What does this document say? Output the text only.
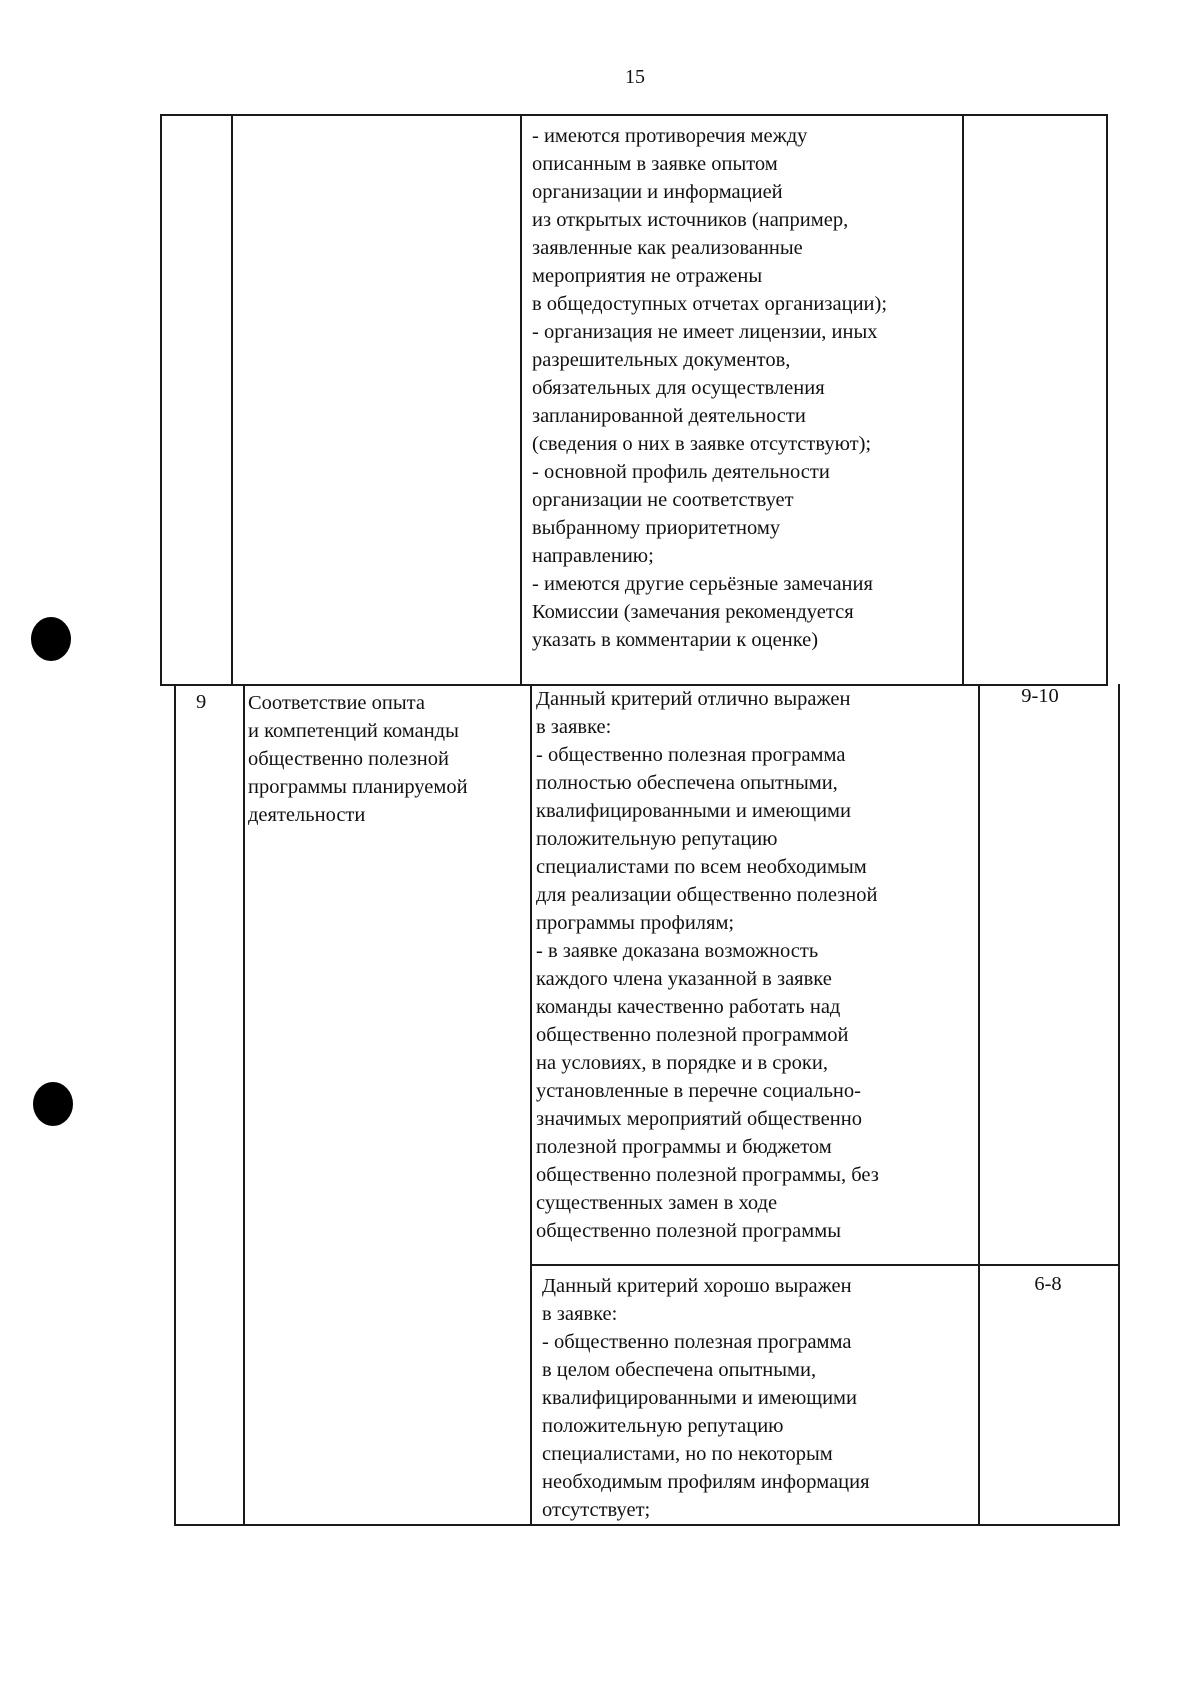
15
- имеются противоречия между
описанным в заявке опытом
организации и информацией
из открытых источников (например,
заявленные как реализованные
мероприятия не отражены
в общедоступных отчетах организации);
- организация не имеет лицензии, иных
разрешительных документов,
обязательных для осуществления
запланированной деятельности
(сведения о них в заявке отсутствуют);
- основной профиль деятельности
организации не соответствует
выбранному приоритетному
направлению;
- имеются другие серьёзные замечания
Комиссии (замечания рекомендуется
указать в комментарии к оценке)
9	Соответствие опыта
и компетенций команды
общественно полезной
программы планируемой
деятельности
Данный критерий отлично выражен
в заявке:
- общественно полезная программа
полностью обеспечена опытными,
квалифицированными и имеющими
положительную репутацию
специалистами по всем необходимым
для реализации общественно полезной
программы профилям;
- в заявке доказана возможность
каждого члена указанной в заявке
команды качественно работать над
общественно полезной программой
на условиях, в порядке и в сроки,
установленные в перечне социально-
значимых мероприятий общественно
полезной программы и бюджетом
общественно полезной программы, без
существенных замен в ходе
общественно полезной программы
9-10
Данный критерий хорошо выражен
в заявке:
- общественно полезная программа
в целом обеспечена опытными,
квалифицированными и имеющими
положительную репутацию
специалистами, но по некоторым
необходимым профилям информация
отсутствует;
6-8
